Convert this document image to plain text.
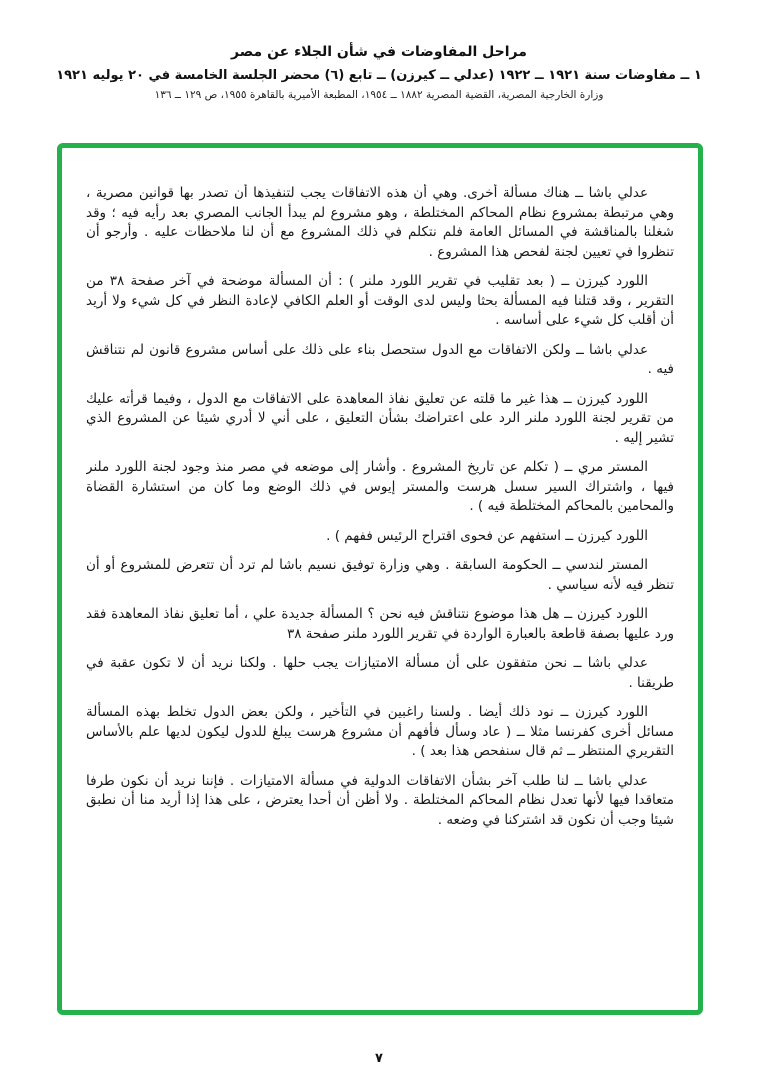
مراحل المفاوضات في شأن الجلاء عن مصر

١ ــ مفاوضات سنة ١٩٢١ ــ ١٩٢٢ (عدلي ــ كيرزن) ــ تابع (٦) محضر الجلسة الخامسة في ٢٠ يوليه ١٩٢١

وزارة الخارجية المصرية، القضية المصرية ١٨٨٢ ــ ١٩٥٤، المطبعة الأميرية بالقاهرة ١٩٥٥، ص ١٢٩ ــ ١٣٦

عدلي باشا ــ هناك مسألة أخرى. وهي أن هذه الاتفاقات يجب لتنفيذها أن تصدر بها قوانين مصرية ، وهي مرتبطة بمشروع نظام المحاكم المختلطة ، وهو مشروع لم يبدأ الجانب المصري بعد رأيه فيه ؛ وقد شغلنا بالمناقشة في المسائل العامة فلم نتكلم في ذلك المشروع مع أن لنا ملاحظات عليه . وأرجو أن تنظروا في تعيين لجنة لفحص هذا المشروع .

اللورد كيرزن ــ ( بعد تقليب في تقرير اللورد ملنر ) : أن المسألة موضحة في آخر صفحة ٣٨ من التقرير ، وقد قتلنا فيه المسألة بحثا وليس لدى الوقت أو العلم الكافي لإعادة النظر في كل شيء ولا أريد أن أقلب كل شيء على أساسه .

عدلي باشا ــ ولكن الاتفاقات مع الدول ستحصل بناء على ذلك على أساس مشروع قانون لم نتناقش فيه .

اللورد كيرزن ــ هذا غير ما قلته عن تعليق نفاذ المعاهدة على الاتفاقات مع الدول ، وفيما قرأته عليك من تقرير لجنة اللورد ملنر الرد على اعتراضك بشأن التعليق ، على أني لا أدري شيئا عن المشروع الذي تشير إليه .

المستر مري ــ ( تكلم عن تاريخ المشروع . وأشار إلى موضعه في مصر منذ وجود لجنة اللورد ملنر فيها ، واشتراك السير سسل هرست والمستر إيوس في ذلك الوضع وما كان من استشارة القضاة والمحامين بالمحاكم المختلطة فيه ) .

اللورد كيرزن ــ استفهم عن فحوى اقتراح الرئيس ففهم ) .

المستر لندسي ــ الحكومة السابقة . وهي وزارة توفيق نسيم باشا لم ترد أن تتعرض للمشروع أو أن تنظر فيه لأنه سياسي .

اللورد كيرزن ــ هل هذا موضوع نتناقش فيه نحن ؟ المسألة جديدة علي ، أما تعليق نفاذ المعاهدة فقد ورد عليها بصفة قاطعة بالعبارة الواردة في تقرير اللورد ملنر صفحة ٣٨

عدلي باشا ــ نحن متفقون على أن مسألة الامتيازات يجب حلها . ولكنا نريد أن لا تكون عقبة في طريقنا .

اللورد كيرزن ــ نود ذلك أيضا . ولسنا راغبين في التأخير ، ولكن بعض الدول تخلط بهذه المسألة مسائل أخرى كفرنسا مثلا ــ ( عاد وسأل فأفهم أن مشروع هرست يبلغ للدول ليكون لديها علم بالأساس التقريري المنتظر ــ ثم قال سنفحص هذا بعد ) .

عدلي باشا ــ لنا طلب آخر بشأن الاتفاقات الدولية في مسألة الامتيازات . فإننا نريد أن نكون طرفا متعاقدا فيها لأنها تعدل نظام المحاكم المختلطة . ولا أظن أن أحدا يعترض ، على هذا إذا أريد منا أن نطبق شيئا وجب أن نكون قد اشتركنا في وضعه .

٧
